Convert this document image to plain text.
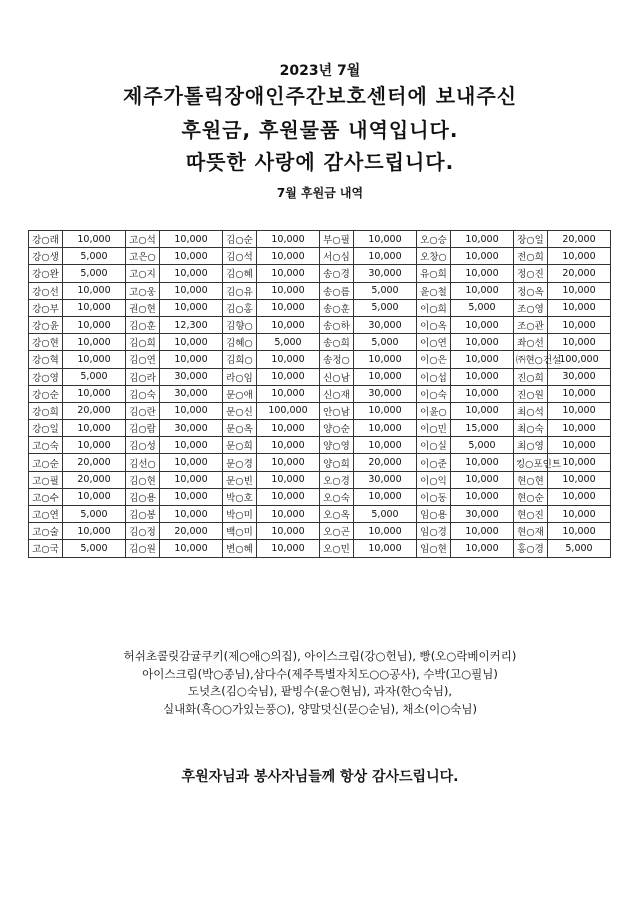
2023년 7월
제주가톨릭장애인주간보호센터에 보내주신
후원금, 후원물품 내역입니다.
따뜻한 사랑에 감사드립니다.
7월 후원금 내역
강○래	10,000	고○석	10,000	김○순	10,000	부○필	10,000	오○승	10,000	장○일	20,000
강○생	5,000	고은○	10,000	김○석	10,000	서○심	10,000	오창○	10,000	전○희	10,000
강○완	5,000	고○지	10,000	김○혜	10,000	송○경	30,000	유○희	10,000	정○진	20,000
강○선	10,000	고○웅	10,000	김○유	10,000	송○름	5,000	윤○철	10,000	정○옥	10,000
강○부	10,000	권○현	10,000	김○홍	10,000	송○훈	5,000	이○희	5,000	조○영	10,000
강○윤	10,000	김○훈	12,300	김향○	10,000	송○하	30,000	이○옥	10,000	조○관	10,000
강○현	10,000	김○희	10,000	김혜○	5,000	송○희	5,000	이○연	10,000	좌○선	10,000
강○혁	10,000	김○연	10,000	김희○	10,000	송정○	10,000	이○은	10,000	㈜현○건설	100,000
강○영	5,000	김○라	30,000	라○임	10,000	신○남	10,000	이○섭	10,000	진○희	30,000
강○순	10,000	김○숙	30,000	문○애	10,000	신○재	30,000	이○숙	10,000	진○원	10,000
강○희	20,000	김○란	10,000	문○신	100,000	안○남	10,000	이윤○	10,000	최○석	10,000
강○일	10,000	김○람	30,000	문○옥	10,000	양○순	10,000	이○민	15,000	최○숙	10,000
고○숙	10,000	김○성	10,000	문○희	10,000	양○영	10,000	이○실	5,000	최○영	10,000
고○순	20,000	김선○	10,000	문○경	10,000	양○희	20,000	이○준	10,000	킹○포인트	10,000
고○필	20,000	김○현	10,000	문○빈	10,000	오○경	30,000	이○익	10,000	현○현	10,000
고○수	10,000	김○용	10,000	박○호	10,000	오○숙	10,000	이○동	10,000	현○순	10,000
고○연	5,000	김○봉	10,000	박○미	10,000	오○옥	5,000	임○용	30,000	현○진	10,000
고○술	10,000	김○정	20,000	백○미	10,000	오○곤	10,000	임○경	10,000	현○재	10,000
고○국	5,000	김○원	10,000	변○혜	10,000	오○민	10,000	임○현	10,000	홍○경	5,000
허쉬초콜릿감귤쿠키(제○애○의집), 아이스크림(강○헌님), 빵(오○락베이커리)
아이스크림(박○종님),삼다수(제주특별자치도○○공사), 수박(고○필님)
도넛츠(김○숙님), 팥빙수(윤○현님), 과자(한○숙님),
실내화(흑○○가있는풍○), 양말덧신(문○순님), 채소(이○숙님)
후원자님과 봉사자님들께 항상 감사드립니다.
